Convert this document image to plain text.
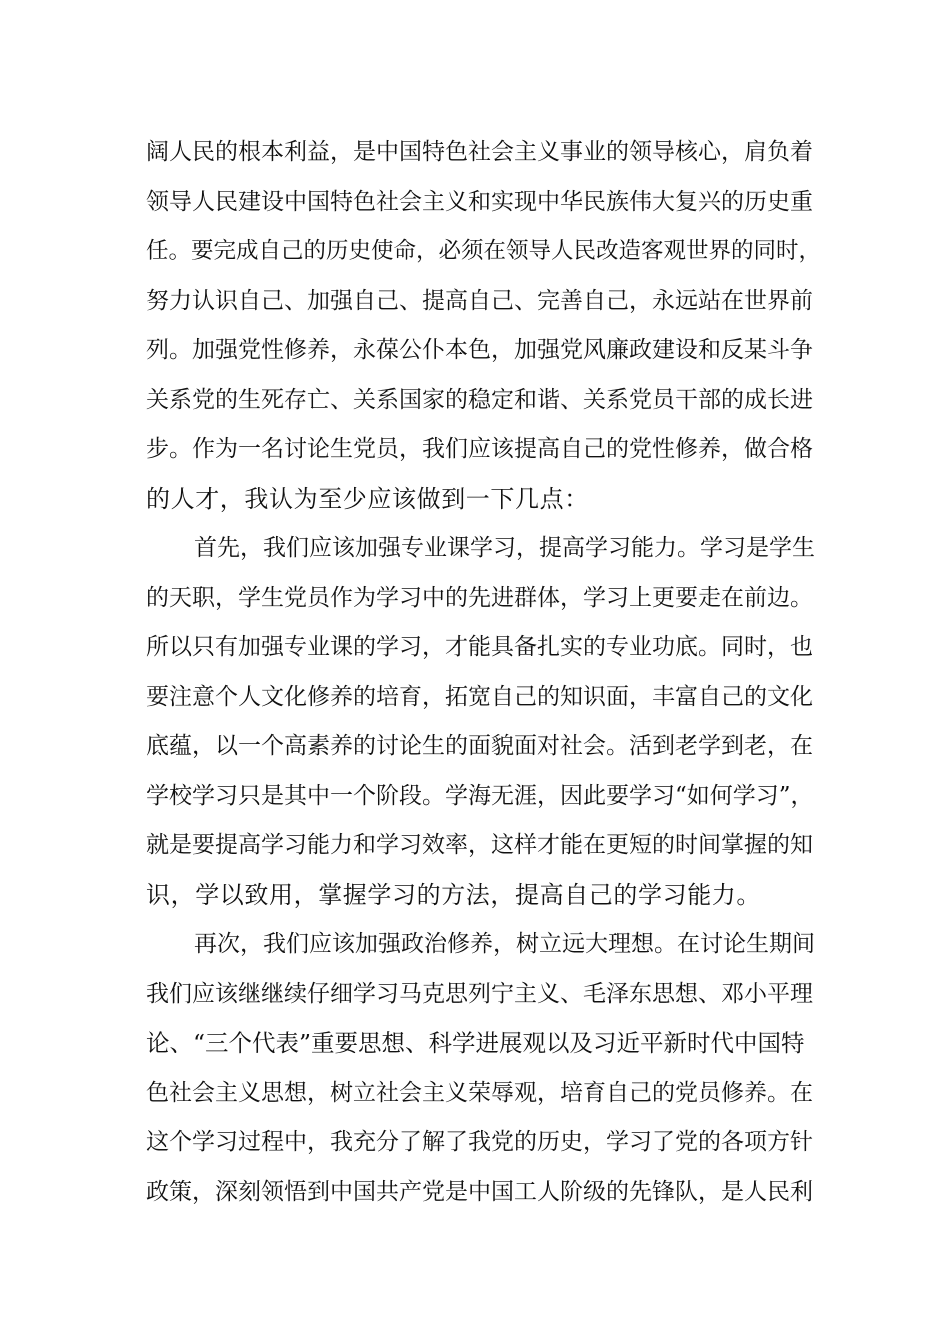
阔人民的根本利益，是中国特色社会主义事业的领导核心，肩负着
领导人民建设中国特色社会主义和实现中华民族伟大复兴的历史重
任。要完成自己的历史使命，必须在领导人民改造客观世界的同时，
努力认识自己、加强自己、提高自己、完善自己，永远站在世界前
列。加强党性修养，永葆公仆本色，加强党风廉政建设和反某斗争
关系党的生死存亡、关系国家的稳定和谐、关系党员干部的成长进
步。作为一名讨论生党员，我们应该提高自己的党性修养，做合格
的人才，我认为至少应该做到一下几点：
首先，我们应该加强专业课学习，提高学习能力。学习是学生
的天职，学生党员作为学习中的先进群体，学习上更要走在前边。
所以只有加强专业课的学习，才能具备扎实的专业功底。同时，也
要注意个人文化修养的培育，拓宽自己的知识面，丰富自己的文化
底蕴，以一个高素养的讨论生的面貌面对社会。活到老学到老，在
学校学习只是其中一个阶段。学海无涯，因此要学习“如何学习”，
就是要提高学习能力和学习效率，这样才能在更短的时间掌握的知
识，学以致用，掌握学习的方法，提高自己的学习能力。
再次，我们应该加强政治修养，树立远大理想。在讨论生期间
我们应该继继续仔细学习马克思列宁主义、毛泽东思想、邓小平理
论、“三个代表”重要思想、科学进展观以及习近平新时代中国特
色社会主义思想，树立社会主义荣辱观，培育自己的党员修养。在
这个学习过程中，我充分了解了我党的历史，学习了党的各项方针
政策，深刻领悟到中国共产党是中国工人阶级的先锋队，是人民利
